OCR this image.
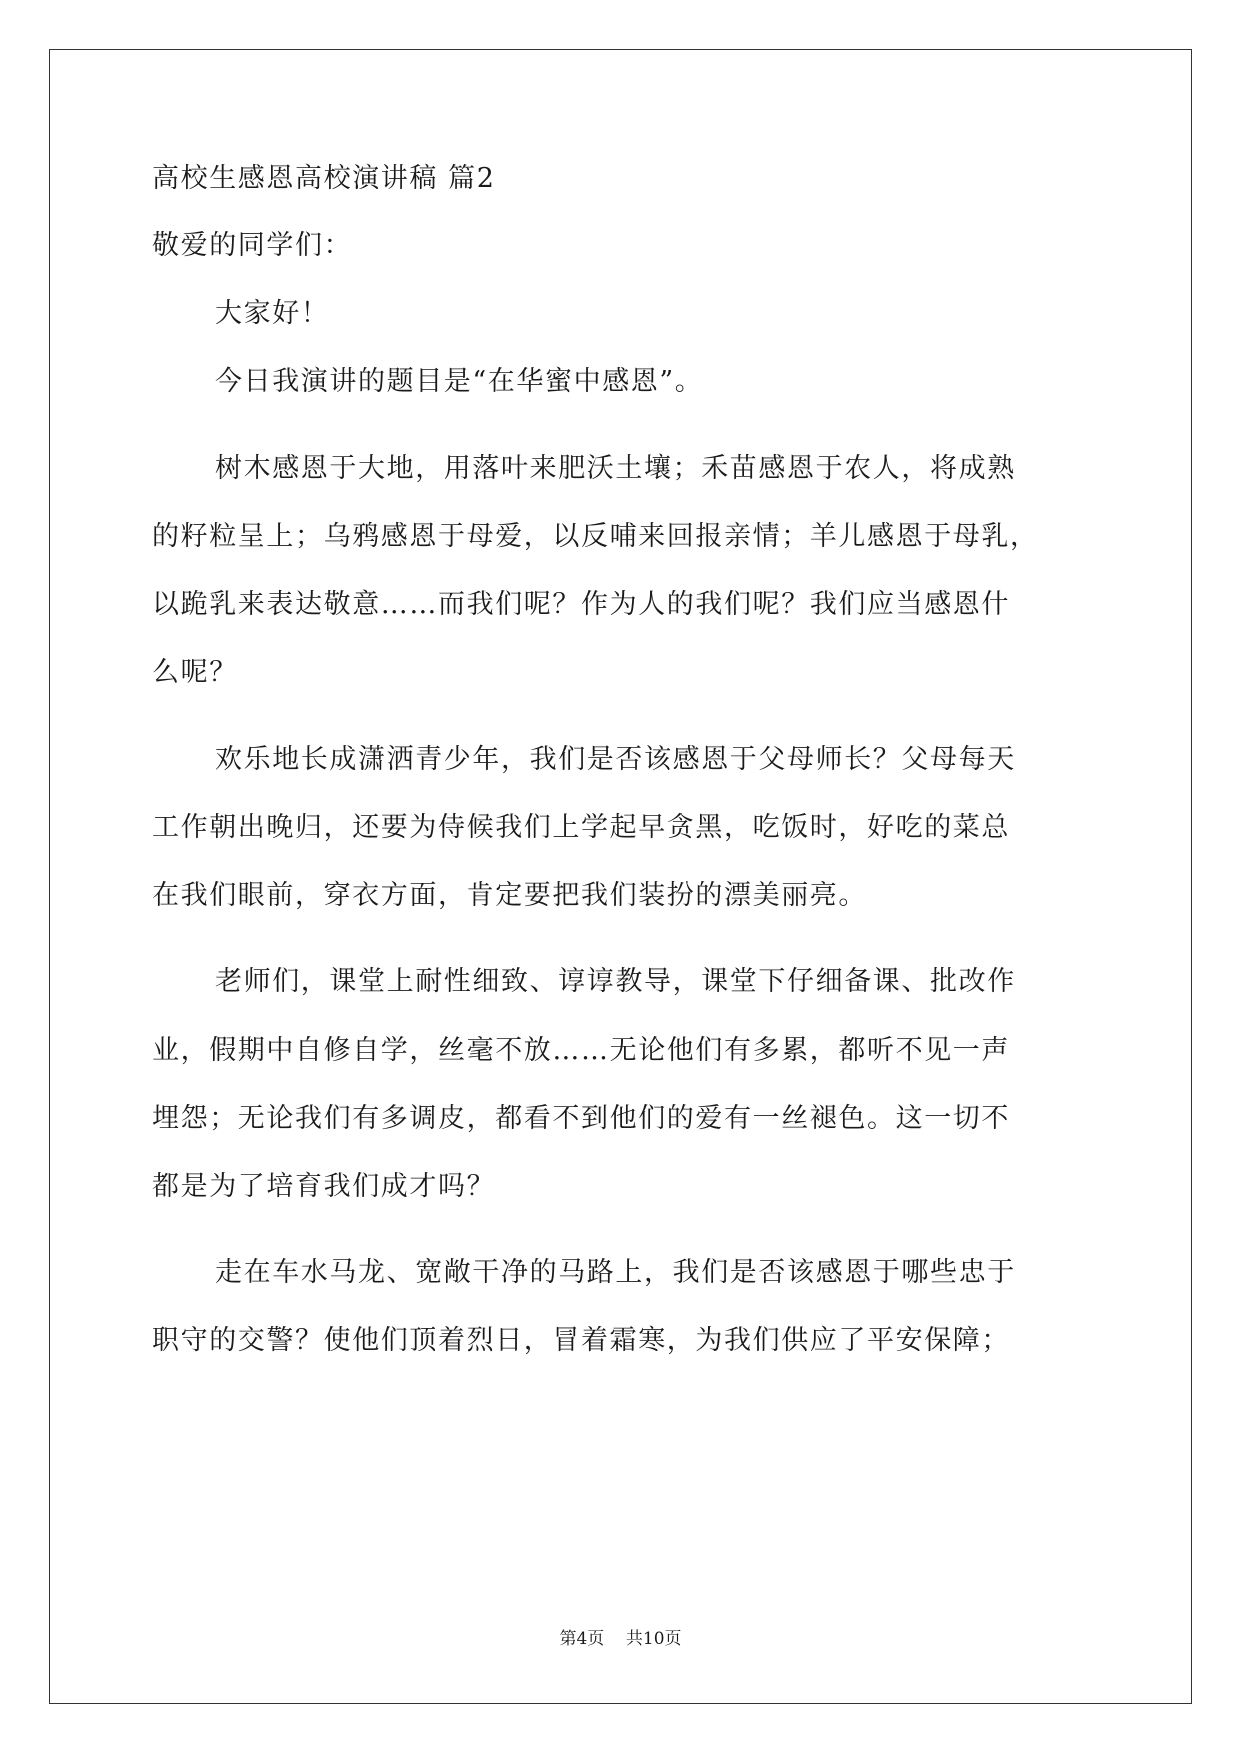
高校生感恩高校演讲稿 篇2

敬爱的同学们：

大家好！

今日我演讲的题目是“在华蜜中感恩”。

树木感恩于大地，用落叶来肥沃土壤；禾苗感恩于农人，将成熟

的籽粒呈上；乌鸦感恩于母爱，以反哺来回报亲情；羊儿感恩于母乳，

以跪乳来表达敬意……而我们呢？作为人的我们呢？我们应当感恩什

么呢？

欢乐地长成潇洒青少年，我们是否该感恩于父母师长？父母每天

工作朝出晚归，还要为侍候我们上学起早贪黑，吃饭时，好吃的菜总

在我们眼前，穿衣方面，肯定要把我们装扮的漂美丽亮。

老师们，课堂上耐性细致、谆谆教导，课堂下仔细备课、批改作

业，假期中自修自学，丝毫不放……无论他们有多累，都听不见一声

埋怨；无论我们有多调皮，都看不到他们的爱有一丝褪色。这一切不

都是为了培育我们成才吗？

走在车水马龙、宽敞干净的马路上，我们是否该感恩于哪些忠于

职守的交警？使他们顶着烈日，冒着霜寒，为我们供应了平安保障；

第4页 共10页
